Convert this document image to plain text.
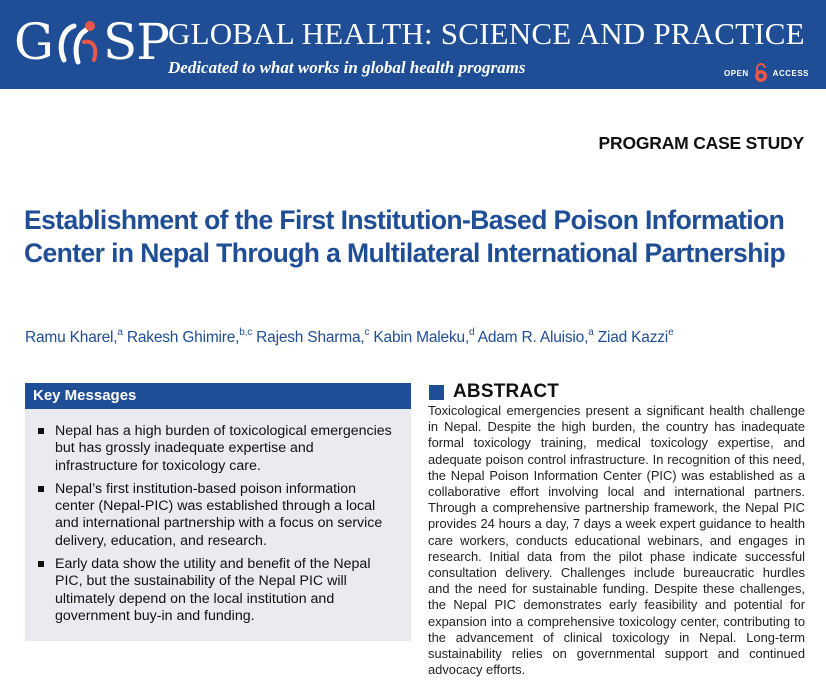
G SP GLOBAL HEALTH: SCIENCE AND PRACTICE
Dedicated to what works in global health programs	OPEN	ACCESS
PROGRAM CASE STUDY
Establishment of the First Institution-Based Poison Information Center in Nepal Through a Multilateral International Partnership
Ramu Kharel,$^a$ Rakesh Ghimire,$^{b,c}$ Rajesh Sharma,$^c$ Kabin Maleku,$^d$ Adam R. Aluisio,$^a$ Ziad Kazzi$^e$
Key Messages
Nepal has a high burden of toxicological emergencies but has grossly inadequate expertise and infrastructure for toxicology care.
Nepal’s first institution-based poison information center (Nepal-PIC) was established through a local and international partnership with a focus on service delivery, education, and research.
Early data show the utility and benefit of the Nepal PIC, but the sustainability of the Nepal PIC will ultimately depend on the local institution and government buy-in and funding.
ABSTRACT

Toxicological emergencies present a significant health challenge in Nepal. Despite the high burden, the country has inadequate formal toxicology training, medical toxicology expertise, and adequate poison control infrastructure. In recognition of this need, the Nepal Poison Information Center (PIC) was established as a collaborative effort involving local and international partners. Through a comprehensive partnership framework, the Nepal PIC provides 24 hours a day, 7 days a week expert guidance to health care workers, conducts educational webinars, and engages in research. Initial data from the pilot phase indicate successful consultation delivery. Challenges include bureaucratic hurdles and the need for sustainable funding. Despite these challenges, the Nepal PIC demonstrates early feasibility and potential for expansion into a comprehensive toxicology center, contributing to the advancement of clinical toxicology in Nepal. Long-term sustainability relies on governmental support and continued advocacy efforts.
